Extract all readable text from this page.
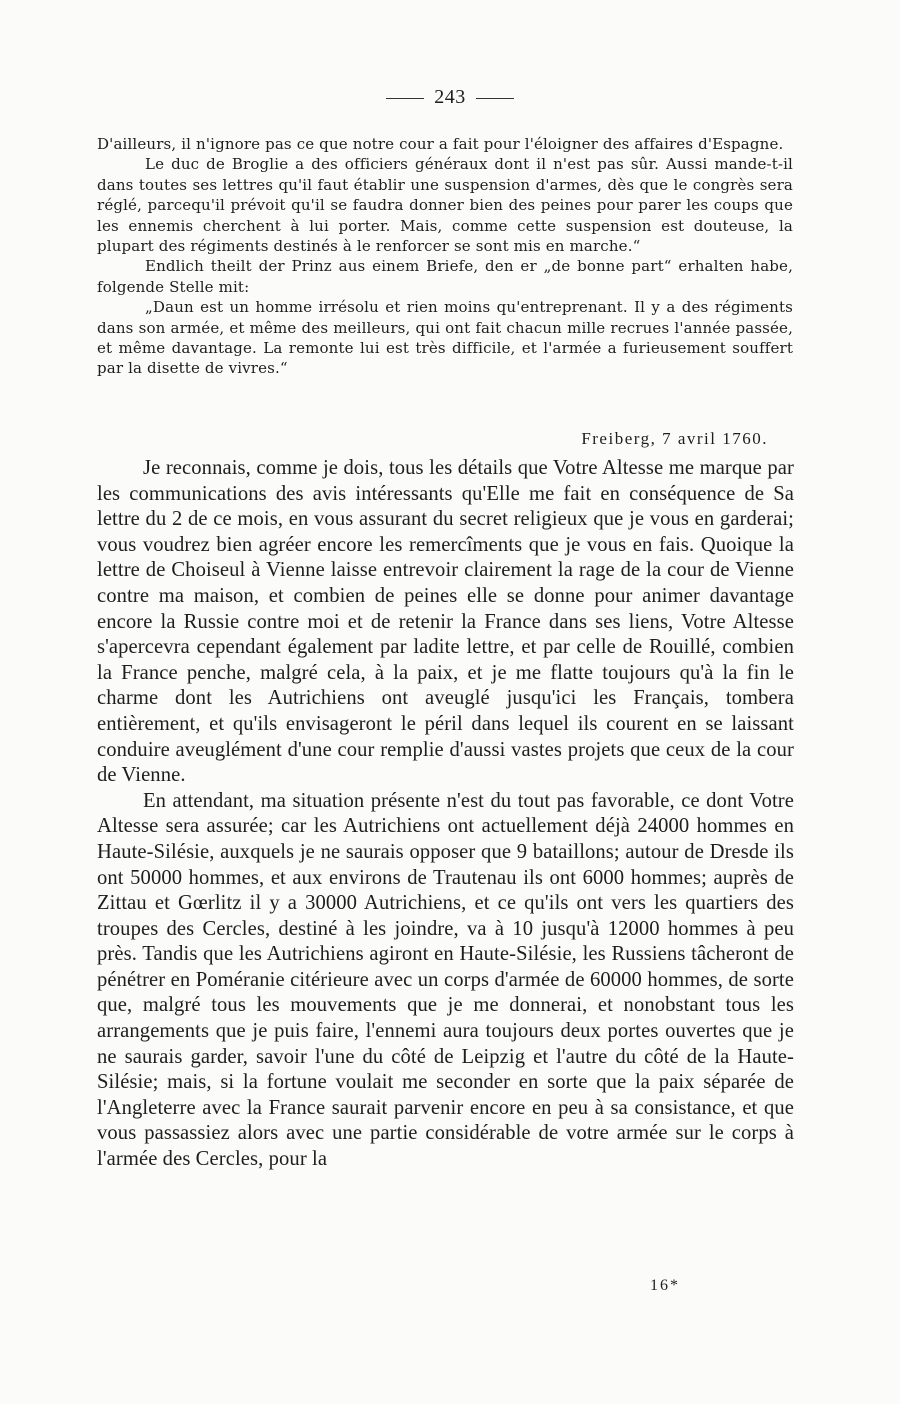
243

D'ailleurs, il n'ignore pas ce que notre cour a fait pour l'éloigner des affaires d'Espagne.

Le duc de Broglie a des officiers généraux dont il n'est pas sûr. Aussi mande-t-il dans toutes ses lettres qu'il faut établir une suspension d'armes, dès que le congrès sera réglé, parcequ'il prévoit qu'il se faudra donner bien des peines pour parer les coups que les ennemis cherchent à lui porter. Mais, comme cette suspension est douteuse, la plupart des régiments destinés à le renforcer se sont mis en marche.“

Endlich theilt der Prinz aus einem Briefe, den er „de bonne part“ erhalten habe, folgende Stelle mit:

„Daun est un homme irrésolu et rien moins qu'entreprenant. Il y a des régiments dans son armée, et même des meilleurs, qui ont fait chacun mille recrues l'année passée, et même davantage. La remonte lui est très difficile, et l'armée a furieusement souffert par la disette de vivres.“

Freiberg, 7 avril 1760.

Je reconnais, comme je dois, tous les détails que Votre Altesse me marque par les communications des avis intéressants qu'Elle me fait en conséquence de Sa lettre du 2 de ce mois, en vous assurant du secret religieux que je vous en garderai; vous voudrez bien agréer encore les remercîments que je vous en fais. Quoique la lettre de Choiseul à Vienne laisse entrevoir clairement la rage de la cour de Vienne contre ma maison, et combien de peines elle se donne pour animer davantage encore la Russie contre moi et de retenir la France dans ses liens, Votre Altesse s'apercevra cependant également par ladite lettre, et par celle de Rouillé, combien la France penche, malgré cela, à la paix, et je me flatte toujours qu'à la fin le charme dont les Autrichiens ont aveuglé jusqu'ici les Français, tombera entièrement, et qu'ils envisageront le péril dans lequel ils courent en se laissant conduire aveuglément d'une cour remplie d'aussi vastes projets que ceux de la cour de Vienne.

En attendant, ma situation présente n'est du tout pas favorable, ce dont Votre Altesse sera assurée; car les Autrichiens ont actuellement déjà 24000 hommes en Haute-Silésie, auxquels je ne saurais opposer que 9 bataillons; autour de Dresde ils ont 50000 hommes, et aux environs de Trautenau ils ont 6000 hommes; auprès de Zittau et Gœrlitz il y a 30000 Autrichiens, et ce qu'ils ont vers les quartiers des troupes des Cercles, destiné à les joindre, va à 10 jusqu'à 12000 hommes à peu près. Tandis que les Autrichiens agiront en Haute-Silésie, les Russiens tâcheront de pénétrer en Poméranie citérieure avec un corps d'armée de 60000 hommes, de sorte que, malgré tous les mouvements que je me donnerai, et nonobstant tous les arrangements que je puis faire, l'ennemi aura toujours deux portes ouvertes que je ne saurais garder, savoir l'une du côté de Leipzig et l'autre du côté de la Haute-Silésie; mais, si la fortune voulait me seconder en sorte que la paix séparée de l'Angleterre avec la France saurait parvenir encore en peu à sa consistance, et que vous passassiez alors avec une partie considérable de votre armée sur le corps à l'armée des Cercles, pour la

16*
